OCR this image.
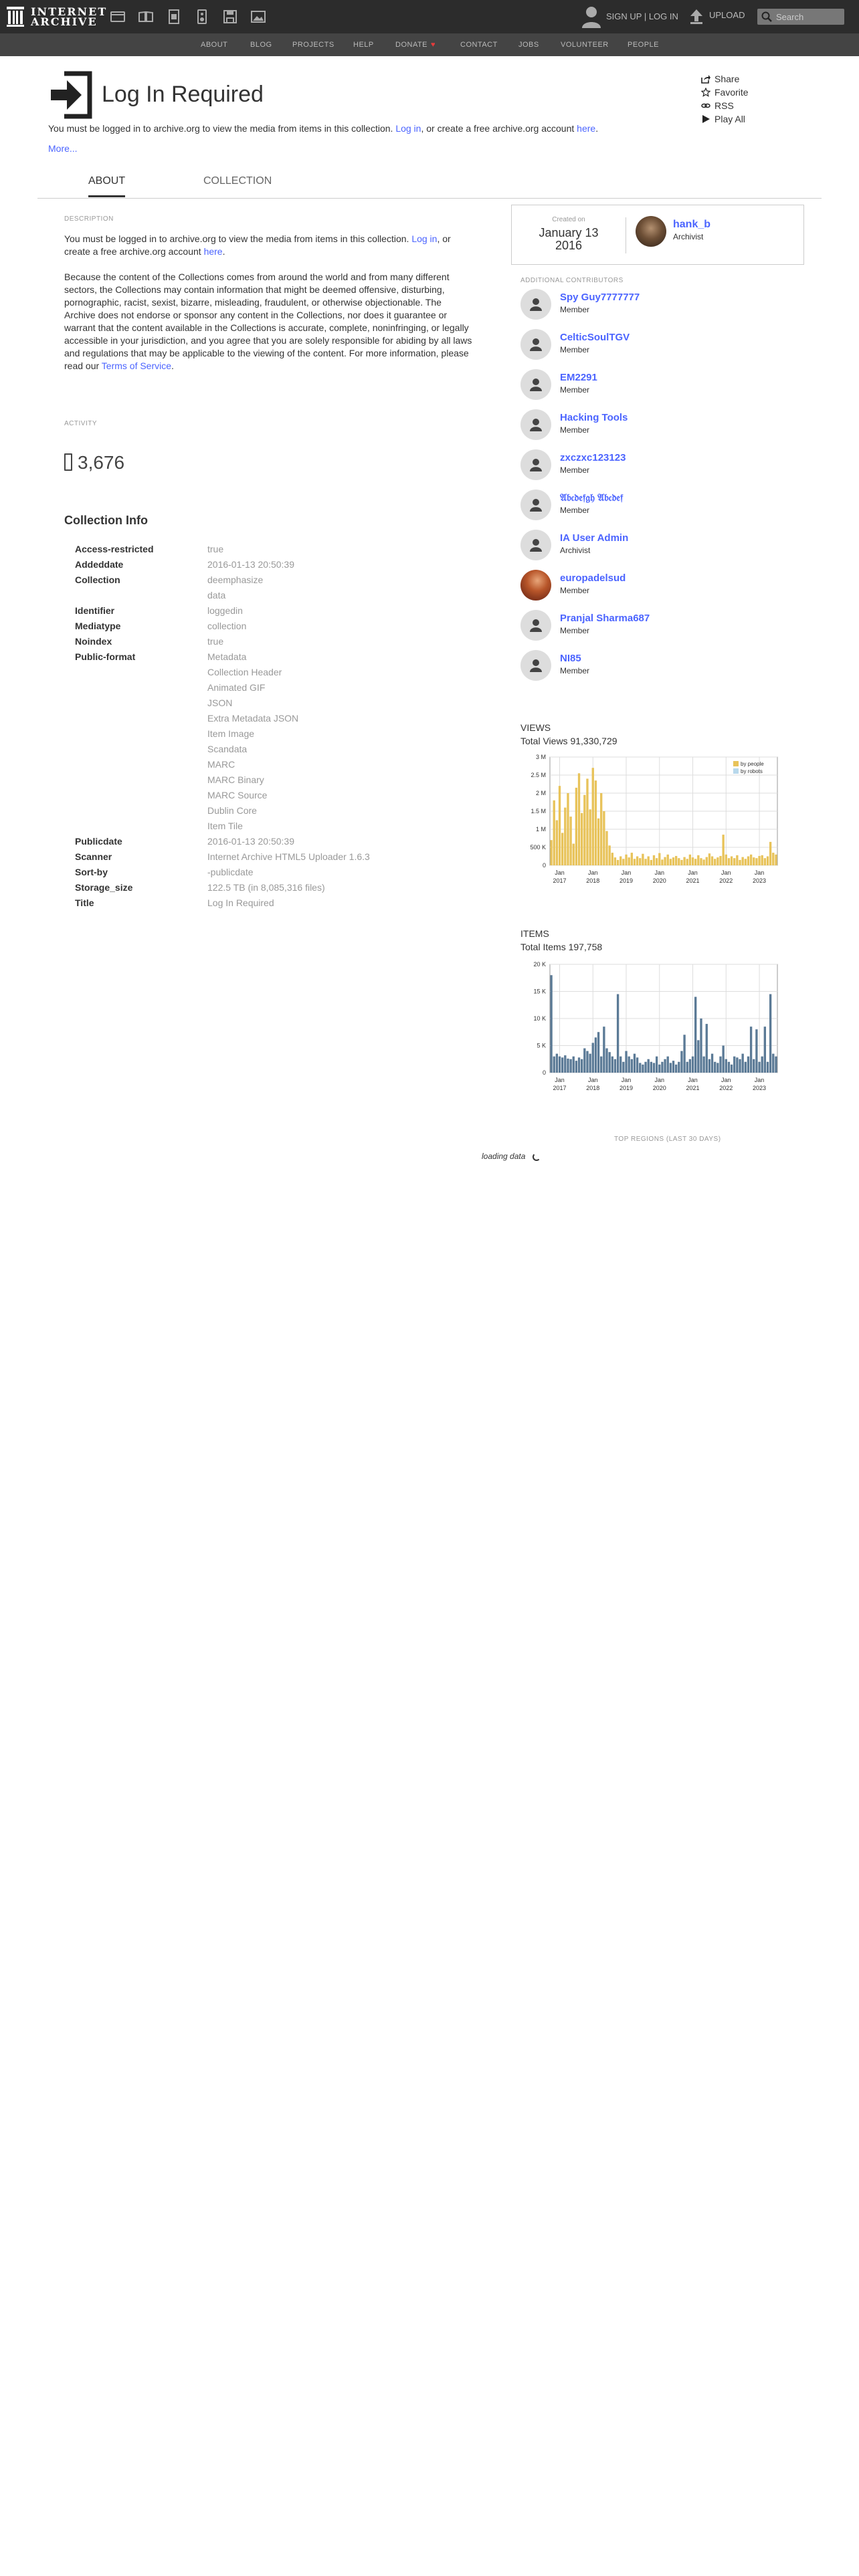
INTERNET
ARCHIVE	SIGN UP | LOG IN	UPLOAD
Search
ABOUT	BLOG	PROJECTS	HELP	DONATE ♥	CONTACT	JOBS	VOLUNTEER	PEOPLE
Log In Required
You must be logged in to archive.org to view the media from items in this collection. Log in, or create a free archive.org account here.
More...
Share
Favorite
RSS
Play All
ABOUT	COLLECTION
DESCRIPTION

You must be logged in to archive.org to view the media from items in this collection. Log in, or create a free archive.org account here.

Because the content of the Collections comes from around the world and from many different sectors, the Collections may contain information that might be deemed offensive, disturbing, pornographic, racist, sexist, bizarre, misleading, fraudulent, or otherwise objectionable. The Archive does not endorse or sponsor any content in the Collections, nor does it guarantee or warrant that the content available in the Collections is accurate, complete, noninfringing, or legally accessible in your jurisdiction, and you agree that you are solely responsible for abiding by all laws and regulations that may be applicable to the viewing of the content. For more information, please read our Terms of Service.

ACTIVITY
3,676
Collection Info
Access-restricted	true
Addeddate	2016-01-13 20:50:39
Collection	deemphasize
data
Identifier	loggedin
Mediatype	collection
Noindex	true
Public-format	Metadata
Collection Header
Animated GIF
JSON
Extra Metadata JSON
Item Image
Scandata
MARC
MARC Binary
MARC Source
Dublin Core
Item Tile
Publicdate	2016-01-13 20:50:39
Scanner	Internet Archive HTML5 Uploader 1.6.3
Sort-by	-publicdate
Storage_size	122.5 TB (in 8,085,316 files)
Title	Log In Required
Created on
January 13
2016
hank_b
Archivist
ADDITIONAL CONTRIBUTORS
Spy Guy7777777
Member
CelticSoulTGV
Member
EM2291
Member
Hacking Tools
Member
zxczxc123123
Member
𝔄𝔟𝔠𝔡𝔢𝔣𝔤𝔥 𝔄𝔟𝔠𝔡𝔢𝔣
Member
IA User Admin
Archivist
europadelsud
Member
Pranjal Sharma687
Member
NI85
Member
VIEWS
Total Views 91,330,729
0
500 K
1 M
1.5 M
2 M
2.5 M
3 M
Jan
2017
Jan
2018
Jan
2019
Jan
2020
Jan
2021
Jan
2022
Jan
2023
by people
by robots
ITEMS
Total Items 197,758
0
5 K
10 K
15 K
20 K
Jan
2017
Jan
2018
Jan
2019
Jan
2020
Jan
2021
Jan
2022
Jan
2023
TOP REGIONS (LAST 30 DAYS)
loading data
